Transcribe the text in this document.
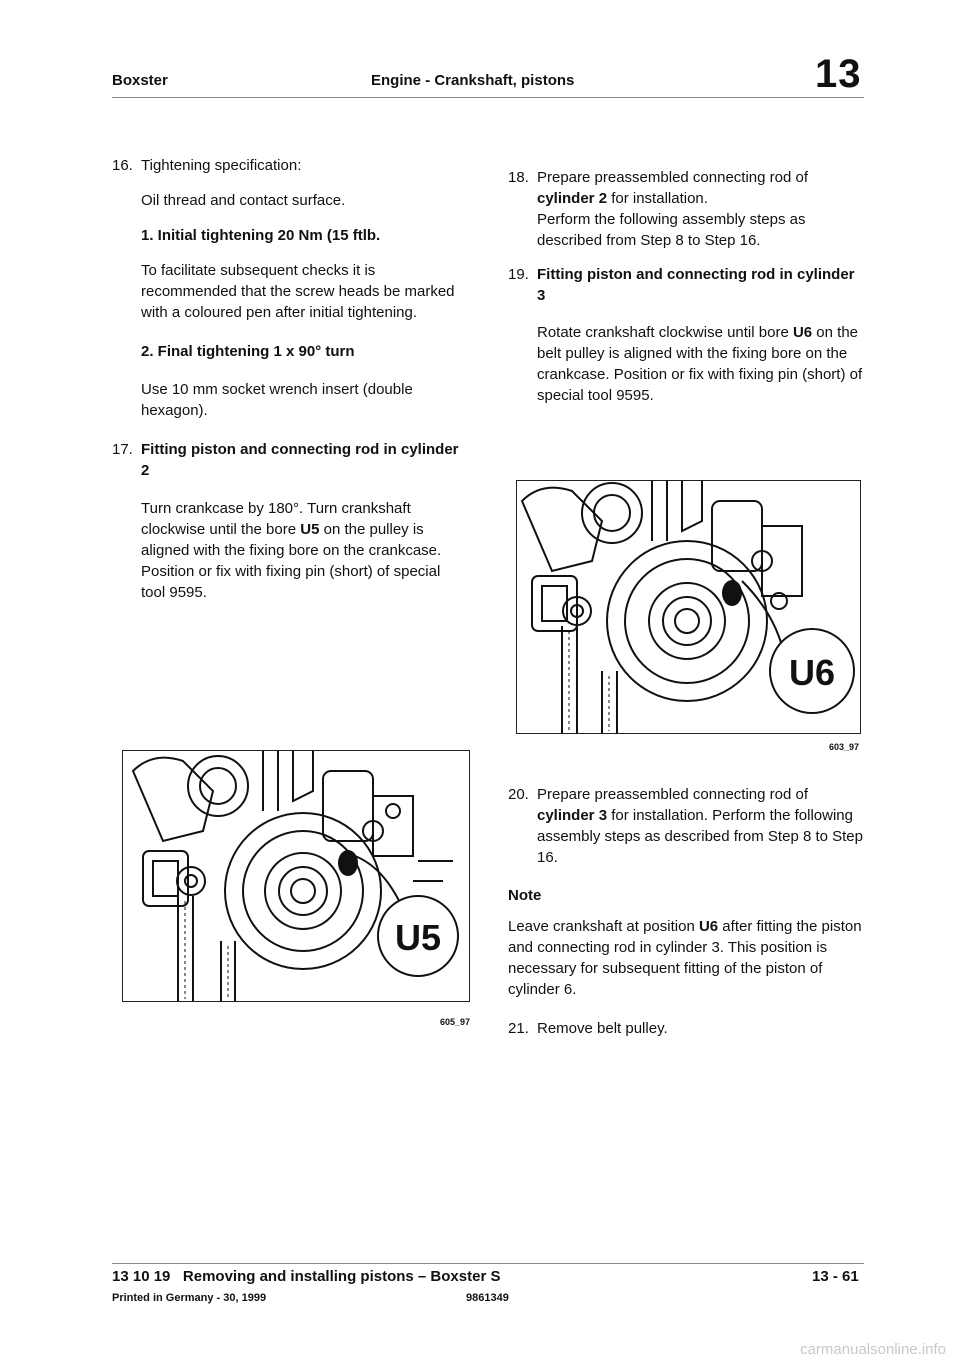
Boxster	Engine - Crankshaft, pistons	13
16. Tightening specification:

Oil thread and contact surface.

1. Initial tightening 20 Nm (15 ftlb.

To facilitate subsequent checks it is recommended that the screw heads be marked with a coloured pen after initial tightening.

2. Final tightening 1 x 90° turn

Use 10 mm socket wrench insert (double hexagon).

17. Fitting piston and connecting rod in cylinder 2

Turn crankcase by 180°. Turn crankshaft clockwise until the bore U5 on the pulley is aligned with the fixing bore on the crankcase. Position or fix with fixing pin (short) of special tool 9595.

U5
605_97
18. Prepare preassembled connecting rod of cylinder 2 for installation.

Perform the following assembly steps as described from Step 8 to Step 16.

19. Fitting piston and connecting rod in cylinder 3

Rotate crankshaft clockwise until bore U6 on the belt pulley is aligned with the fixing bore on the crankcase. Position or fix with fixing pin (short) of special tool 9595.

U6
603_97
20. Prepare preassembled connecting rod of cylinder 3 for installation. Perform the following assembly steps as described from Step 8 to Step 16.

Note

Leave crankshaft at position U6 after fitting the piston and connecting rod in cylinder 3. This position is necessary for subsequent fitting of the piston of cylinder 6.

21. Remove belt pulley.

13 10 19 Removing and installing pistons – Boxster S
Printed in Germany - 30, 1999	9861349
13 - 61
carmanualsonline.info
